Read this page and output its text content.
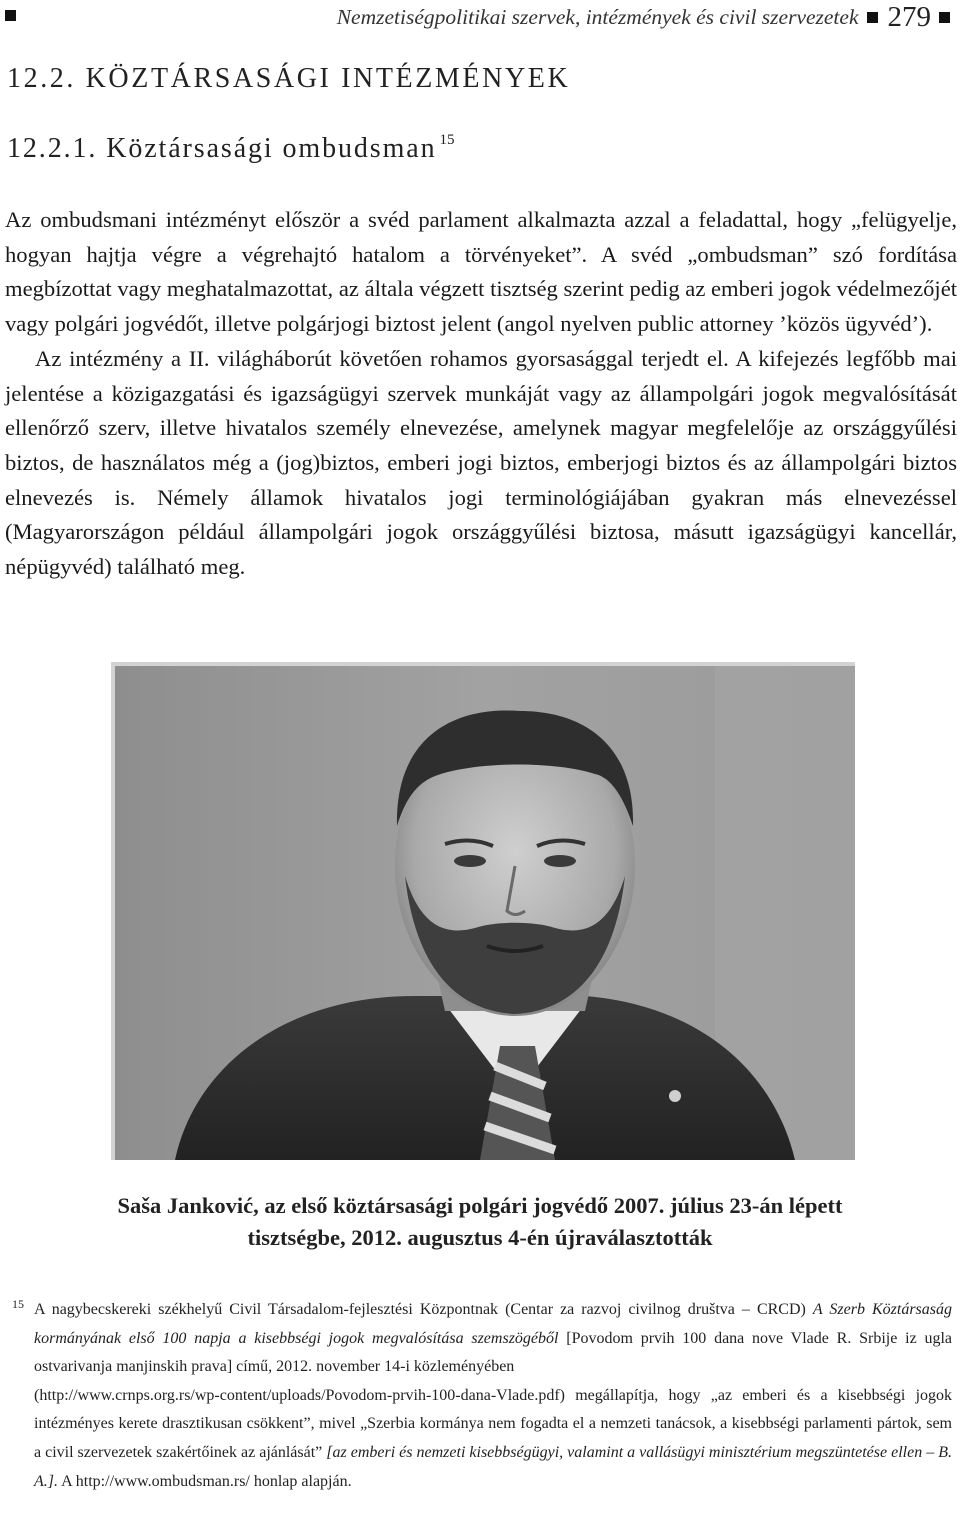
Nemzetiségpolitikai szervek, intézmények és civil szervezetek 279
12.2. KÖZTÁRSASÁGI INTÉZMÉNYEK
12.2.1. Köztársasági ombudsman $^{15}$

Az ombudsmani intézményt először a svéd parlament alkalmazta azzal a feladattal, hogy „felügyelje, hogyan hajtja végre a végrehajtó hatalom a törvényeket”. A svéd „ombudsman” szó fordítása megbízottat vagy meghatalmazottat, az általa végzett tisztség szerint pedig az emberi jogok védelmezőjét vagy polgári jogvédőt, illetve polgárjogi biztost jelent (angol nyelven public attorney ’közös ügyvéd’).

Az intézmény a II. világháborút követően rohamos gyorsasággal terjedt el. A kifejezés legfőbb mai jelentése a közigazgatási és igazságügyi szervek munkáját vagy az állampolgári jogok megvalósítását ellenőrző szerv, illetve hivatalos személy elnevezése, amelynek magyar megfelelője az országgyűlési biztos, de használatos még a (jog)biztos, emberi jogi biztos, emberjogi biztos és az állampolgári biztos elnevezés is. Némely államok hivatalos jogi terminológiájában gyakran más elnevezéssel (Magyarországon például állampolgári jogok országgyűlési biztosa, másutt igazságügyi kancellár, népügyvéd) található meg.

Saša Janković, az első köztársasági polgári jogvédő 2007. július 23-án lépett
tisztségbe, 2012. augusztus 4-én újraválasztották
15 A nagybecskereki székhelyű Civil Társadalom-fejlesztési Központnak (Centar za razvoj civilnog društva – CRCD) A Szerb Köztársaság kormányának első 100 napja a kisebbségi jogok megvalósítása szemszögéből [Povodom prvih 100 dana nove Vlade R. Srbije iz ugla ostvarivanja manjinskih prava] című, 2012. november 14-i közleményében
(http://www.crnps.org.rs/wp-content/uploads/Povodom-prvih-100-dana-Vlade.pdf) megállapítja, hogy „az emberi és a kisebbségi jogok intézményes kerete drasztikusan csökkent”, mivel „Szerbia kormánya nem fogadta el a nemzeti tanácsok, a kisebbségi parlamenti pártok, sem a civil szervezetek szakértőinek az ajánlását” [az emberi és nemzeti kisebbségügyi, valamint a vallásügyi minisztérium megszüntetése ellen – B. A.]. A http://www.ombudsman.rs/ honlap alapján.
